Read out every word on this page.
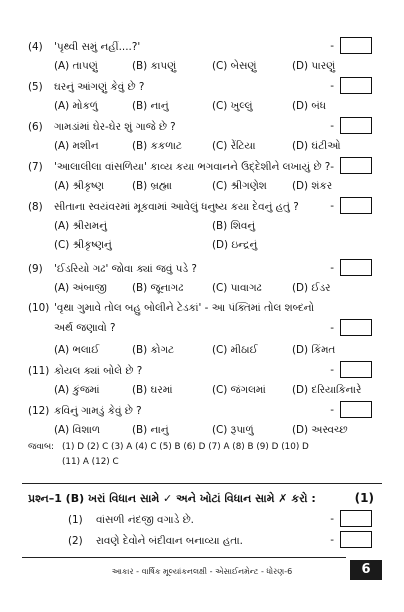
(4) 'પૃથ્વી સમું નહીં....?'	-
(A) તાપણું	(B) કાપણું	(C) બેસણું	(D) પારણું
(5) ઘરનું આંગણું કેવું છે ?	-
(A) મોકળું	(B) નાનું	(C) ખુલ્લું	(D) બંધ
(6) ગામડાંમાં ઘેર-ઘેર શું ગાજે છે ?	-
(A) મશીન	(B) કકળાટ	(C) રેંટિયા	(D) ઘંટીઓ
(7) 'આલાલીલા વાંસળિયા' કાવ્ય કયા ભગવાનને ઉદ્દેશીને લખાયું છે ?-
(A) શ્રીકૃષ્ણ	(B) બ્રહ્મા	(C) શ્રીગણેશ (D) શંકર
(8) સીતાના સ્વયંવરમાં મૂકવામાં આવેલું ધનુષ્ય કયા દેવનું હતું ?	-
(A) શ્રીરામનું	(B) શિવનું
(C) શ્રીકૃષ્ણનું	(D) ઇન્દ્રનું
(9) 'ઈડરિયો ગઢ' જોવા ક્યાં જવું પડે ?	-
(A) અંબાજી (B) જૂનાગઢ	(C) પાવાગઢ	(D) ઈડર
(10) 'વૃથા ગુમાવે તોલ બહુ બોલીને ટેડકાં' - આ પંક્તિમાં તોલ શબ્દનો
અર્થ જણાવો ?	-
(A) ભલાઈ	(B) કોગટ	(C) મીઠાઈ	(D) કિંમત
(11) કોયલ ક્યાં બોલે છે ?	-
(A) કુંજમાં	(B) ઘરમાં	(C) જંગલમાં	(D) દરિયાકિનારે
(12) કવિનું ગામડું કેવું છે ?	-
(A) વિશાળ	(B) નાનું	(C) રૂપાળું	(D) અસ્વચ્છ
જવાબ: (1) D (2) C (3) A (4) C (5) B (6) D (7) A (8) B (9) D (10) D
(11) A (12) C
પ્રશ્ન–1 (B) ખરાં વિધાન સામે ✓ અને ખોટાં વિધાન સામે ✗ કરો :	(1)
(1) વાંસળી નંદજી વગાડે છે.	-
(2) રાવણે દેવોને બંદીવાન બનાવ્યા હતા.	-
આકાર - વાર્ષિક મૂલ્યાંકનલક્ષી - એસાઈનમેન્ટ - ધોરણ-6	6
